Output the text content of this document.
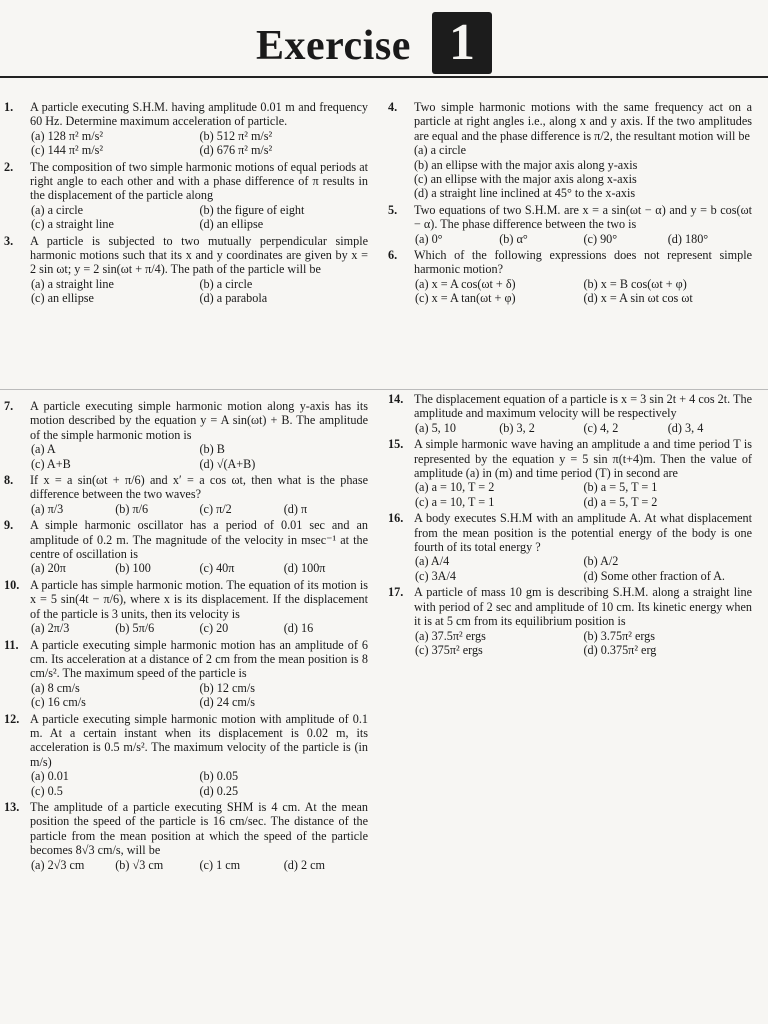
Exercise 1
1. A particle executing S.H.M. having amplitude 0.01 m and frequency 60 Hz. Determine maximum acceleration of particle.
(a) 128 π² m/s²	(b) 512 π² m/s²
(c) 144 π² m/s²	(d) 676 π² m/s²
2. The composition of two simple harmonic motions of equal periods at right angle to each other and with a phase difference of π results in the displacement of the particle along
(a) a circle	(b) the figure of eight
(c) a straight line	(d) an ellipse
3. A particle is subjected to two mutually perpendicular simple harmonic motions such that its x and y coordinates are given by x = 2 sin ωt; y = 2 sin(ωt + π/4). The path of the particle will be
(a) a straight line	(b) a circle
(c) an ellipse	(d) a parabola
4. Two simple harmonic motions with the same frequency act on a particle at right angles i.e., along x and y axis. If the two amplitudes are equal and the phase difference is π/2, the resultant motion will be
(a) a circle
(b) an ellipse with the major axis along y-axis
(c) an ellipse with the major axis along x-axis
(d) a straight line inclined at 45° to the x-axis
5. Two equations of two S.H.M. are x = a sin(ωt − α) and y = b cos(ωt − α). The phase difference between the two is
(a) 0°	(b) α°	(c) 90°	(d) 180°
6. Which of the following expressions does not represent simple harmonic motion?
(a) x = A cos(ωt + δ)	(b) x = B cos(ωt + φ)
(c) x = A tan(ωt + φ)	(d) x = A sin ωt cos ωt
7. A particle executing simple harmonic motion along y-axis has its motion described by the equation y = A sin(ωt) + B. The amplitude of the simple harmonic motion is
(a) A	(b) B
(c) A+B	(d) √(A+B)
8. If x = a sin(ωt + π/6) and x′ = a cos ωt, then what is the phase difference between the two waves?
(a) π/3	(b) π/6	(c) π/2	(d) π
9. A simple harmonic oscillator has a period of 0.01 sec and an amplitude of 0.2 m. The magnitude of the velocity in msec⁻¹ at the centre of oscillation is
(a) 20π	(b) 100	(c) 40π	(d) 100π
10. A particle has simple harmonic motion. The equation of its motion is x = 5 sin(4t − π/6), where x is its displacement. If the displacement of the particle is 3 units, then its velocity is
(a) 2π/3	(b) 5π/6	(c) 20	(d) 16
11. A particle executing simple harmonic motion has an amplitude of 6 cm. Its acceleration at a distance of 2 cm from the mean position is 8 cm/s². The maximum speed of the particle is
(a) 8 cm/s	(b) 12 cm/s
(c) 16 cm/s	(d) 24 cm/s
12. A particle executing simple harmonic motion with amplitude of 0.1 m. At a certain instant when its displacement is 0.02 m, its acceleration is 0.5 m/s². The maximum velocity of the particle is (in m/s)
(a) 0.01	(b) 0.05
(c) 0.5	(d) 0.25
13. The amplitude of a particle executing SHM is 4 cm. At the mean position the speed of the particle is 16 cm/sec. The distance of the particle from the mean position at which the speed of the particle becomes 8√3 cm/s, will be
(a) 2√3 cm	(b) √3 cm	(c) 1 cm	(d) 2 cm
14. The displacement equation of a particle is x = 3 sin 2t + 4 cos 2t. The amplitude and maximum velocity will be respectively
(a) 5, 10	(b) 3, 2	(c) 4, 2	(d) 3, 4
15. A simple harmonic wave having an amplitude a and time period T is represented by the equation y = 5 sin π(t+4)m. Then the value of amplitude (a) in (m) and time period (T) in second are
(a) a = 10, T = 2	(b) a = 5, T = 1
(c) a = 10, T = 1	(d) a = 5, T = 2
16. A body executes S.H.M with an amplitude A. At what displacement from the mean position is the potential energy of the body is one fourth of its total energy ?
(a) A/4	(b) A/2
(c) 3A/4	(d) Some other fraction of A.
17. A particle of mass 10 gm is describing S.H.M. along a straight line with period of 2 sec and amplitude of 10 cm. Its kinetic energy when it is at 5 cm from its equilibrium position is
(a) 37.5π² ergs	(b) 3.75π² ergs
(c) 375π² ergs	(d) 0.375π² erg
